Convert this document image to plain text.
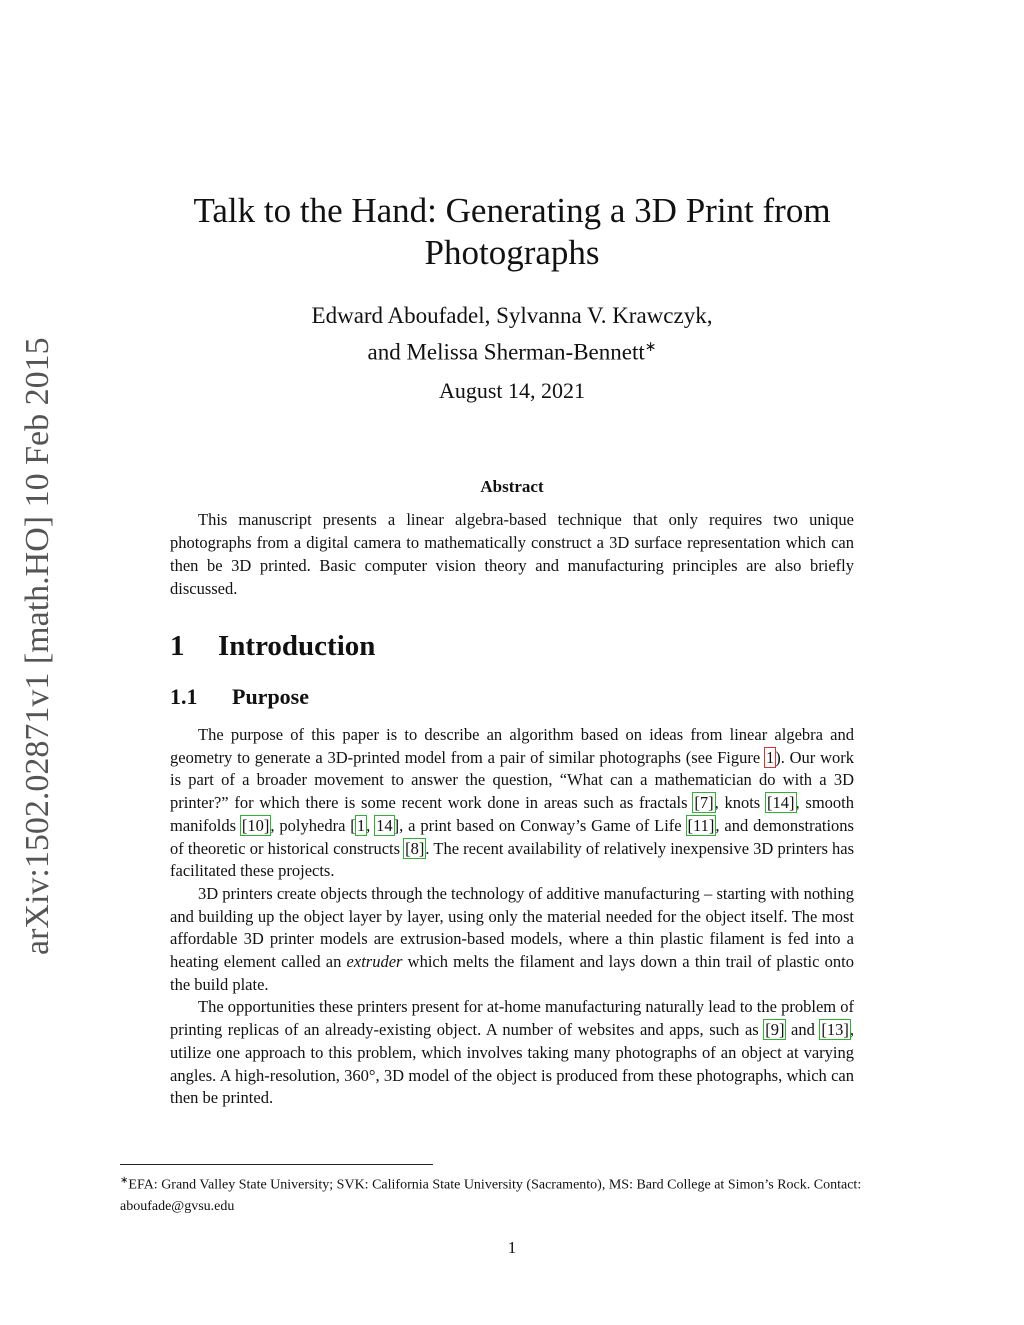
arXiv:1502.02871v1 [math.HO] 10 Feb 2015
Talk to the Hand: Generating a 3D Print from
Photographs
Edward Aboufadel, Sylvanna V. Krawczyk,
and Melissa Sherman-Bennett∗
August 14, 2021
Abstract

This manuscript presents a linear algebra-based technique that only requires two unique photographs from a digital camera to mathematically construct a 3D surface representation which can then be 3D printed. Basic computer vision theory and manufacturing principles are also briefly discussed.

1 Introduction
1.1 Purpose

The purpose of this paper is to describe an algorithm based on ideas from linear algebra and geometry to generate a 3D-printed model from a pair of similar photographs (see Figure 1). Our work is part of a broader movement to answer the question, “What can a mathematician do with a 3D printer?” for which there is some recent work done in areas such as fractals [7], knots [14], smooth manifolds [10], polyhedra [1, 14], a print based on Conway’s Game of Life [11], and demonstrations of theoretic or historical constructs [8]. The recent availability of relatively inexpensive 3D printers has facilitated these projects.

3D printers create objects through the technology of additive manufacturing – starting with nothing and building up the object layer by layer, using only the material needed for the object itself. The most affordable 3D printer models are extrusion-based models, where a thin plastic filament is fed into a heating element called an extruder which melts the filament and lays down a thin trail of plastic onto the build plate.

The opportunities these printers present for at-home manufacturing naturally lead to the problem of printing replicas of an already-existing object. A number of websites and apps, such as [9] and [13], utilize one approach to this problem, which involves taking many photographs of an object at varying angles. A high-resolution, 360°, 3D model of the object is produced from these photographs, which can then be printed.

∗EFA: Grand Valley State University; SVK: California State University (Sacramento), MS: Bard College at Simon’s Rock. Contact: aboufade@gvsu.edu
1
